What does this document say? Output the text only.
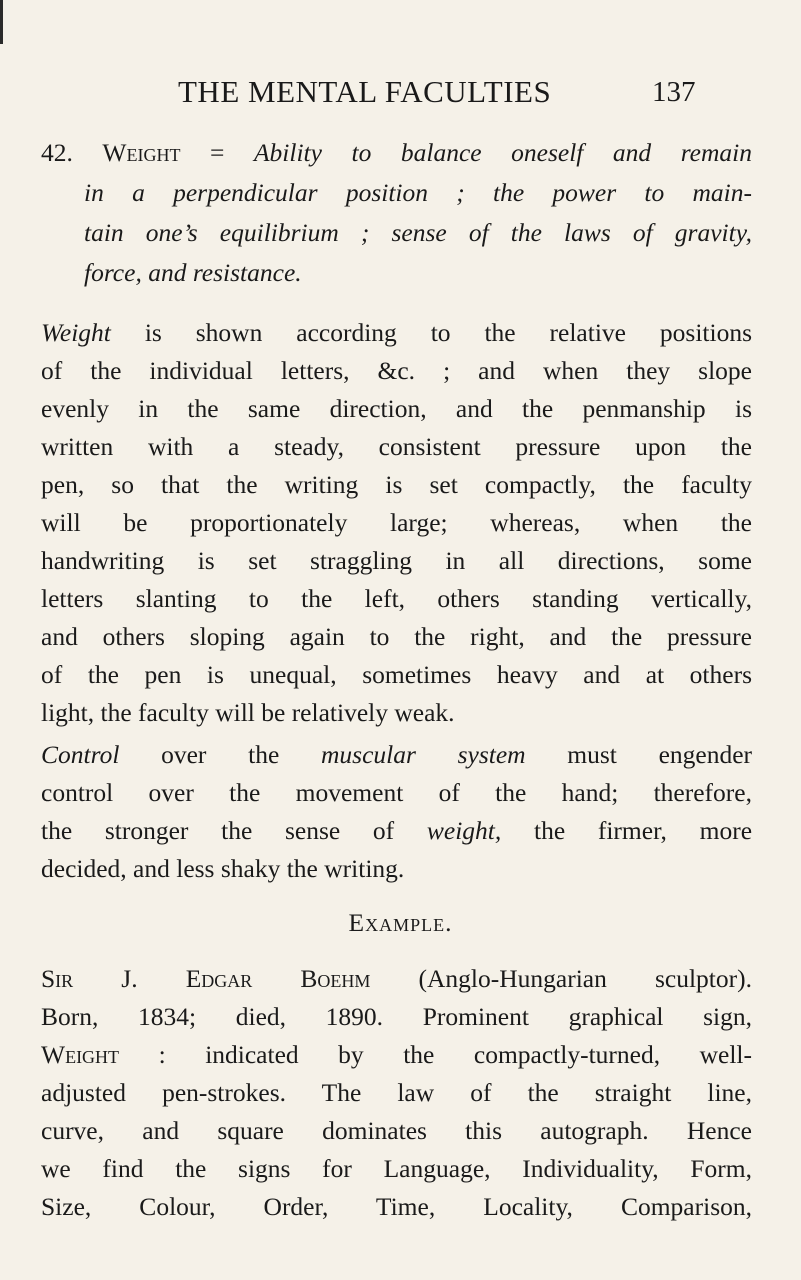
THE MENTAL FACULTIES	137
42. Weight = Ability to balance oneself and remain
in a perpendicular position ; the power to main-
tain one’s equilibrium ; sense of the laws of gravity,
force, and resistance.
Weight is shown according to the relative positions
of the individual letters, &c. ; and when they slope
evenly in the same direction, and the penmanship is
written with a steady, consistent pressure upon the
pen, so that the writing is set compactly, the faculty
will be proportionately large; whereas, when the
handwriting is set straggling in all directions, some
letters slanting to the left, others standing vertically,
and others sloping again to the right, and the pressure
of the pen is unequal, sometimes heavy and at others
light, the faculty will be relatively weak.
Control over the muscular system must engender
control over the movement of the hand; therefore,
the stronger the sense of weight, the firmer, more
decided, and less shaky the writing.
Example.
Sir J. Edgar Boehm (Anglo-Hungarian sculptor).
Born, 1834; died, 1890. Prominent graphical sign,
Weight : indicated by the compactly-turned, well-
adjusted pen-strokes. The law of the straight line,
curve, and square dominates this autograph. Hence
we find the signs for Language, Individuality, Form,
Size, Colour, Order, Time, Locality, Comparison,
